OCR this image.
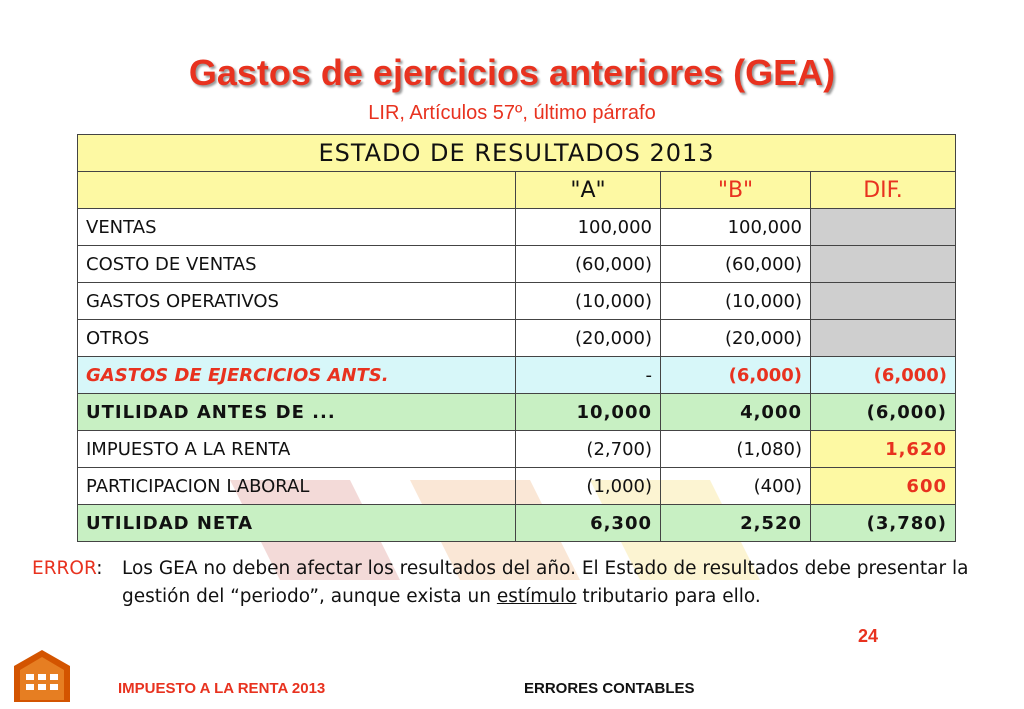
Gastos de ejercicios anteriores (GEA)
LIR, Artículos 57º, último párrafo
ESTADO DE RESULTADOS 2013			
	"A"	"B"	DIF.
VENTAS	100,000	100,000	
COSTO DE VENTAS	(60,000)	(60,000)	
GASTOS OPERATIVOS	(10,000)	(10,000)	
OTROS	(20,000)	(20,000)	
GASTOS DE EJERCICIOS ANTS.	-	(6,000)	(6,000)
UTILIDAD ANTES DE ...	10,000	4,000	(6,000)
IMPUESTO A LA RENTA	(2,700)	(1,080)	1,620
PARTICIPACION LABORAL	(1,000)	(400)	600
UTILIDAD NETA	6,300	2,520	(3,780)
ERROR: Los GEA no deben afectar los resultados del año. El Estado de resultados debe presentar la gestión del “periodo”, aunque exista un estímulo tributario para ello.
24
IMPUESTO A LA RENTA 2013	ERRORES CONTABLES
